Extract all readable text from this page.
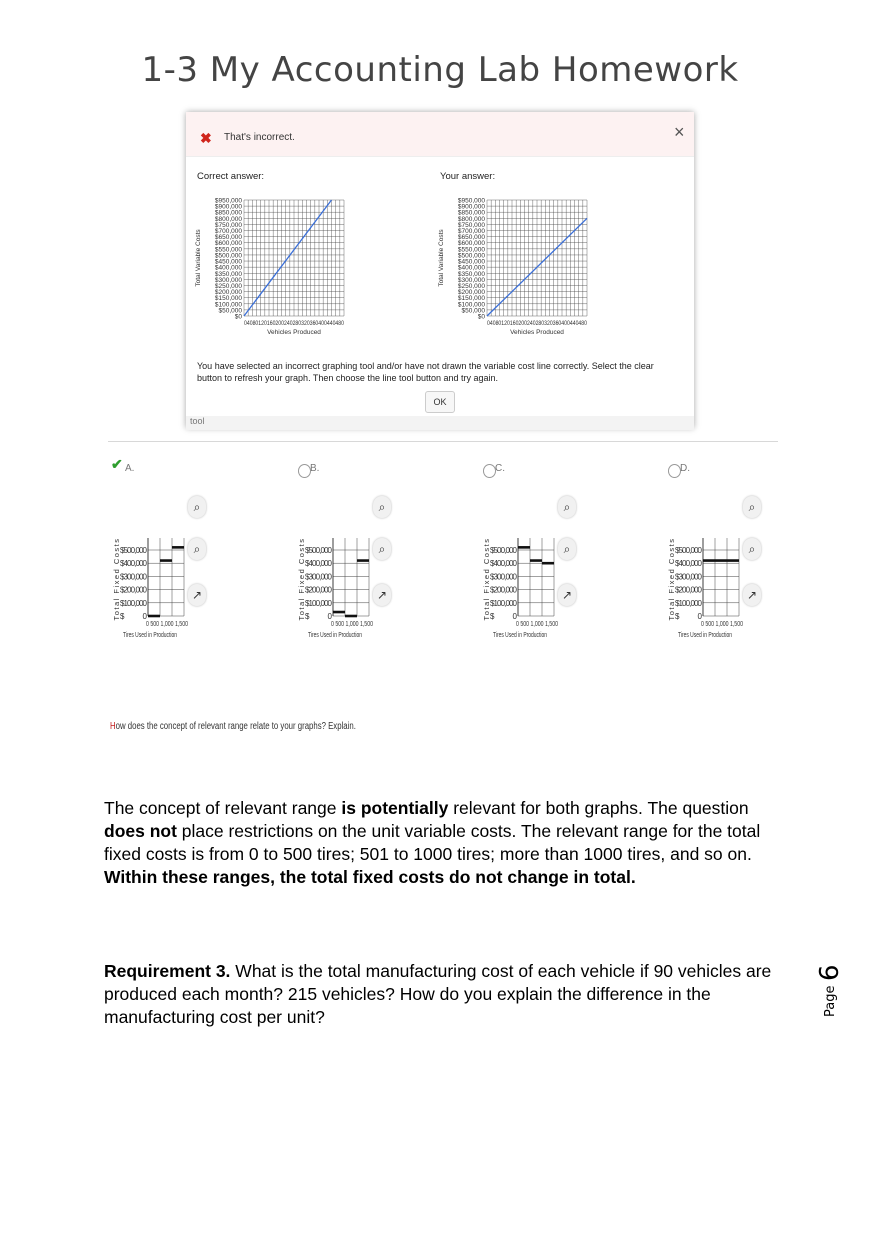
1-3 My Accounting Lab Homework
✖ That's incorrect.	×
Correct answer:	Your answer:
$950,000
$900,000
$850,000
$800,000
$750,000
$700,000
$650,000
$600,000
$550,000
$500,000
$450,000
$400,000
$350,000
$300,000
$250,000
$200,000
$150,000
$100,000
$50,000
$0
04080120160200240280320360400440480
Vehicles Produced
Total Variable Costs
$950,000
$900,000
$850,000
$800,000
$750,000
$700,000
$650,000
$600,000
$550,000
$500,000
$450,000
$400,000
$350,000
$300,000
$250,000
$200,000
$150,000
$100,000
$50,000
$0
04080120160200240280320360400440480
Vehicles Produced
Total Variable Costs
You have selected an incorrect graphing tool and/or have not drawn the variable cost line correctly. Select the clear button to refresh your graph. Then choose the line tool button and try again.
OK
tool
✔ A.
⌕
⌕
↗
$500,000
$400,000
$300,000
$200,000
$100,000
$0
0 500 1,000 1,500
Tires Used in Production
Total Fixed Costs
B.
⌕
⌕
↗
$500,000
$400,000
$300,000
$200,000
$100,000
$0
0 500 1,000 1,500
Tires Used in Production
Total Fixed Costs
C.
⌕
⌕
↗
$500,000
$400,000
$300,000
$200,000
$100,000
$0
0 500 1,000 1,500
Tires Used in Production
Total Fixed Costs
D.
⌕
⌕
↗
$500,000
$400,000
$300,000
$200,000
$100,000
$0
0 500 1,000 1,500
Tires Used in Production
Total Fixed Costs
How does the concept of relevant range relate to your graphs? Explain.
The concept of relevant range is potentially relevant for both graphs. The question does not place restrictions on the unit variable costs. The relevant range for the total fixed costs is from 0 to 500 tires; 501 to 1000 tires; more than 1000 tires, and so on. Within these ranges, the total fixed costs do not change in total.
Requirement 3. What is the total manufacturing cost of each vehicle if 90 vehicles are produced each month? 215 vehicles? How do you explain the difference in the manufacturing cost per unit?	Page
6
